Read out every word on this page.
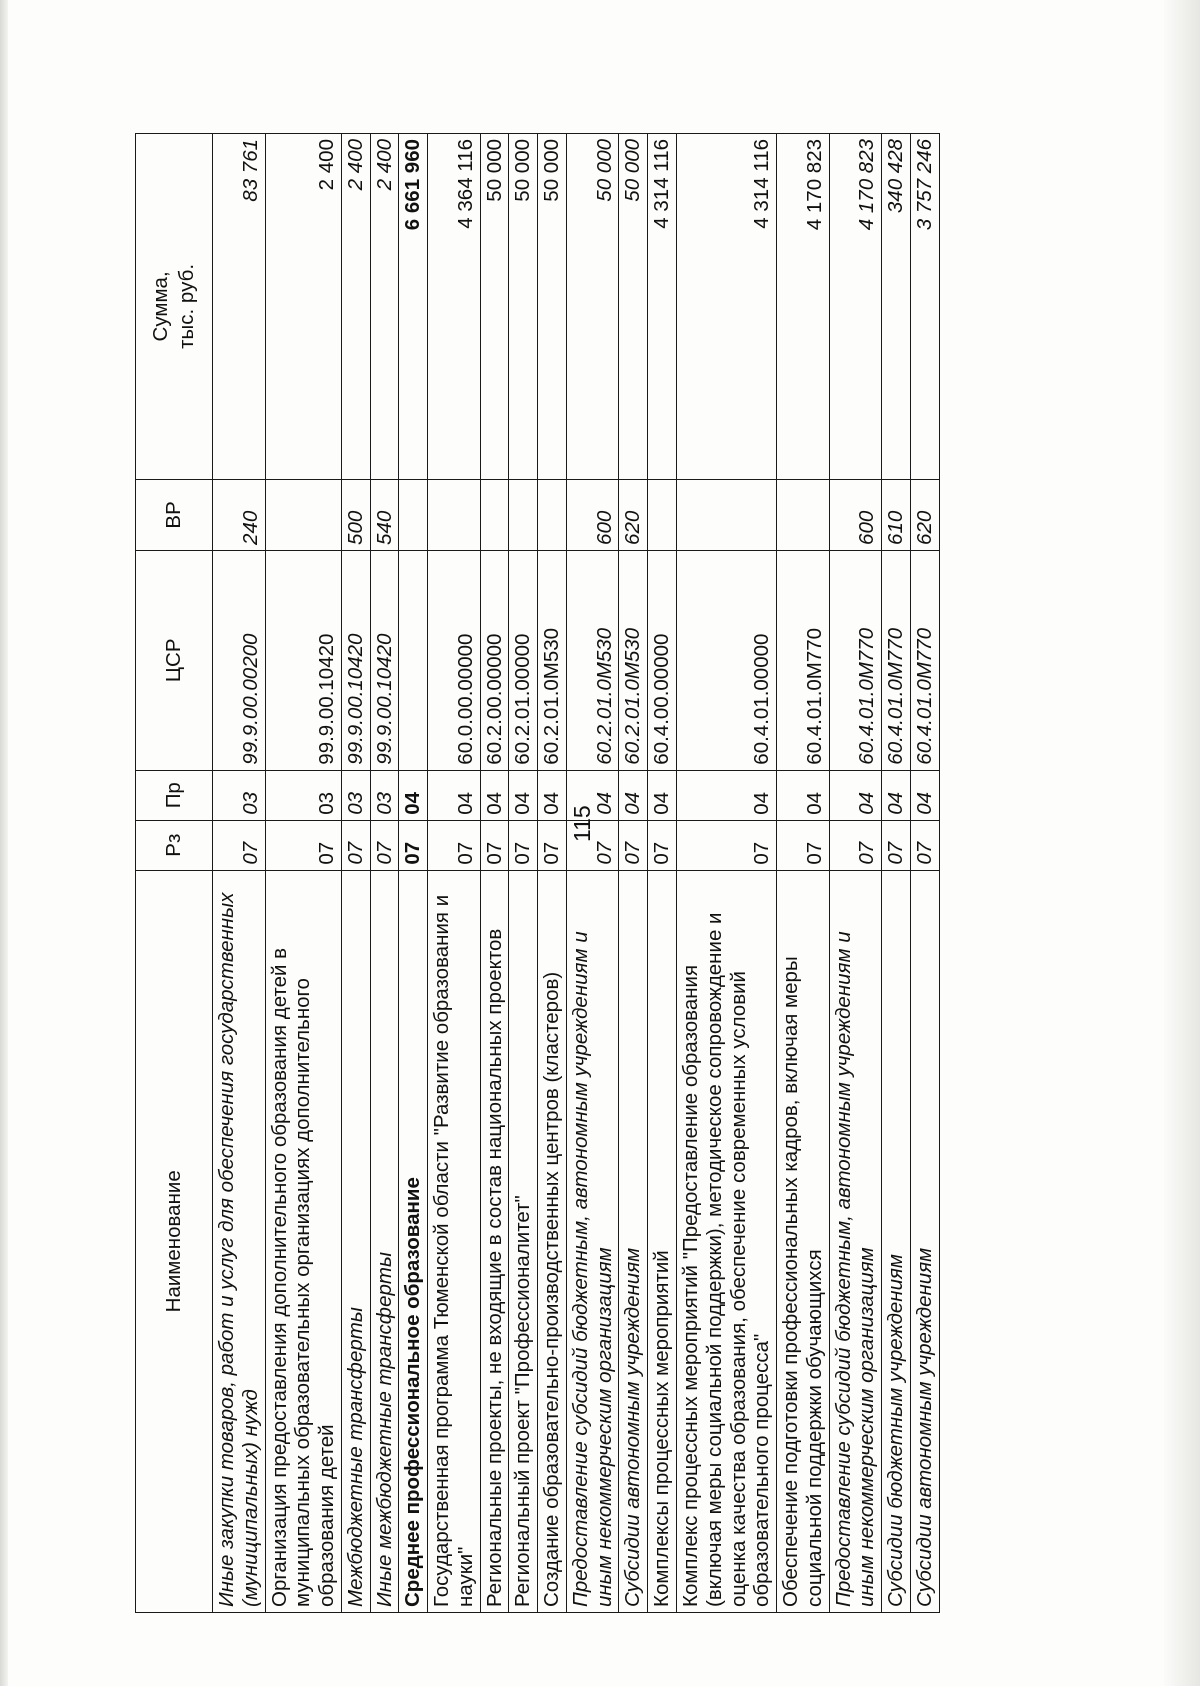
115
Наименование	Рз	Пр	ЦСР	ВР	Сумма, тыс. руб.
Иные закупки товаров, работ и услуг для обеспечения государственных (муниципальных) нужд	07	03	99.9.00.00200	240	83 761
Организация предоставления дополнительного образования детей в муниципальных образовательных организациях дополнительного образования детей	07	03	99.9.00.10420		2 400
Межбюджетные трансферты	07	03	99.9.00.10420	500	2 400
Иные межбюджетные трансферты	07	03	99.9.00.10420	540	2 400
Среднее профессиональное образование	07	04			6 661 960
Государственная программа Тюменской области "Развитие образования и науки"	07	04	60.0.00.00000		4 364 116
Региональные проекты, не входящие в состав национальных проектов	07	04	60.2.00.00000		50 000
Региональный проект "Профессионалитет"	07	04	60.2.01.00000		50 000
Создание образовательно-производственных центров (кластеров)	07	04	60.2.01.0М530		50 000
Предоставление субсидий бюджетным, автономным учреждениям и иным некоммерческим организациям	07	04	60.2.01.0М530	600	50 000
Субсидии автономным учреждениям	07	04	60.2.01.0М530	620	50 000
Комплексы процессных мероприятий	07	04	60.4.00.00000		4 314 116
Комплекс процессных мероприятий "Предоставление образования (включая меры социальной поддержки), методическое сопровождение и оценка качества образования, обеспечение современных условий образовательного процесса"	07	04	60.4.01.00000		4 314 116
Обеспечение подготовки профессиональных кадров, включая меры социальной поддержки обучающихся	07	04	60.4.01.0М770		4 170 823
Предоставление субсидий бюджетным, автономным учреждениям и иным некоммерческим организациям	07	04	60.4.01.0М770	600	4 170 823
Субсидии бюджетным учреждениям	07	04	60.4.01.0М770	610	340 428
Субсидии автономным учреждениям	07	04	60.4.01.0М770	620	3 757 246
